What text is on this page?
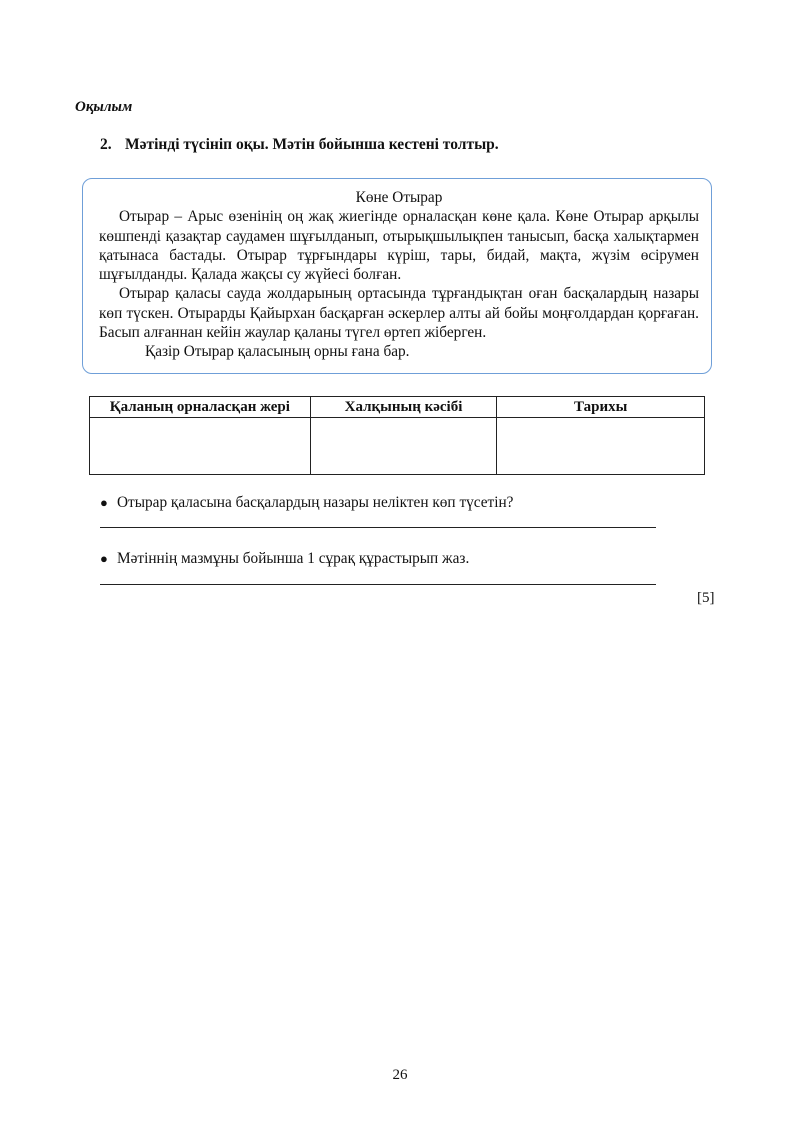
Оқылым
2. Мәтінді түсініп оқы. Мәтін бойынша кестені толтыр.
Көне Отырар

Отырар – Арыс өзенінің оң жақ жиегінде орналасқан көне қала. Көне Отырар арқылы көшпенді қазақтар саудамен шұғылданып, отырықшылықпен танысып, басқа халықтармен қатынаса бастады. Отырар тұрғындары күріш, тары, бидай, мақта, жүзім өсірумен шұғылданды. Қалада жақсы су жүйесі болған.

Отырар қаласы сауда жолдарының ортасында тұрғандықтан оған басқалардың назары көп түскен. Отырарды Қайырхан басқарған әскерлер алты ай бойы моңғолдардан қорғаған. Басып алғаннан кейін жаулар қаланы түгел өртеп жіберген.

Қазір Отырар қаласының орны ғана бар.

Қаланың орналасқан жері	Халқының кәсібі	Тарихы

● Отырар қаласына басқалардың назары неліктен көп түсетін?
● Мәтіннің мазмұны бойынша 1 сұрақ құрастырып жаз.
[5]
26
